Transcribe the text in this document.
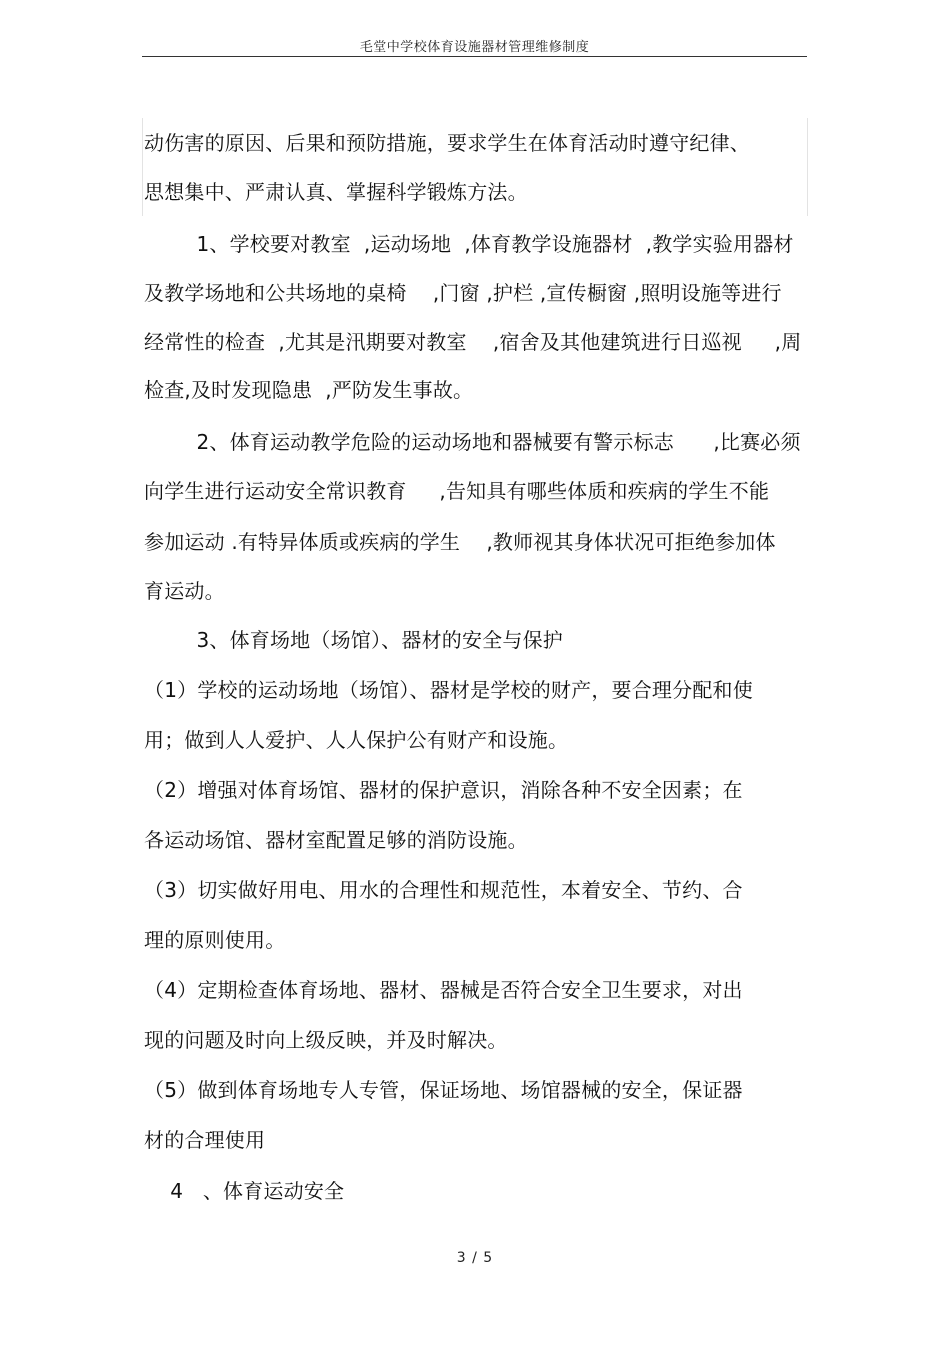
毛堂中学校体育设施器材管理维修制度
动伤害的原因、后果和预防措施，要求学生在体育活动时遵守纪律、
思想集中、严肃认真、掌握科学锻炼方法。
1、学校要对教室  ,运动场地  ,体育教学设施器材  ,教学实验用器材
及教学场地和公共场地的桌椅    ,门窗 ,护栏 ,宣传橱窗 ,照明设施等进行
经常性的检查  ,尤其是汛期要对教室    ,宿舍及其他建筑进行日巡视     ,周
检查,及时发现隐患  ,严防发生事故。
2、体育运动教学危险的运动场地和器械要有警示标志      ,比赛必须
向学生进行运动安全常识教育     ,告知具有哪些体质和疾病的学生不能
参加运动 .有特异体质或疾病的学生    ,教师视其身体状况可拒绝参加体
育运动。
3、体育场地（场馆）、器材的安全与保护
（1）学校的运动场地（场馆）、器材是学校的财产，要合理分配和使
用；做到人人爱护、人人保护公有财产和设施。
（2）增强对体育场馆、器材的保护意识，消除各种不安全因素；在
各运动场馆、器材室配置足够的消防设施。
（3）切实做好用电、用水的合理性和规范性，本着安全、节约、合
理的原则使用。
（4）定期检查体育场地、器材、器械是否符合安全卫生要求，对出
现的问题及时向上级反映，并及时解决。
（5）做到体育场地专人专管，保证场地、场馆器械的安全，保证器
材的合理使用
4   、体育运动安全
3 / 5
